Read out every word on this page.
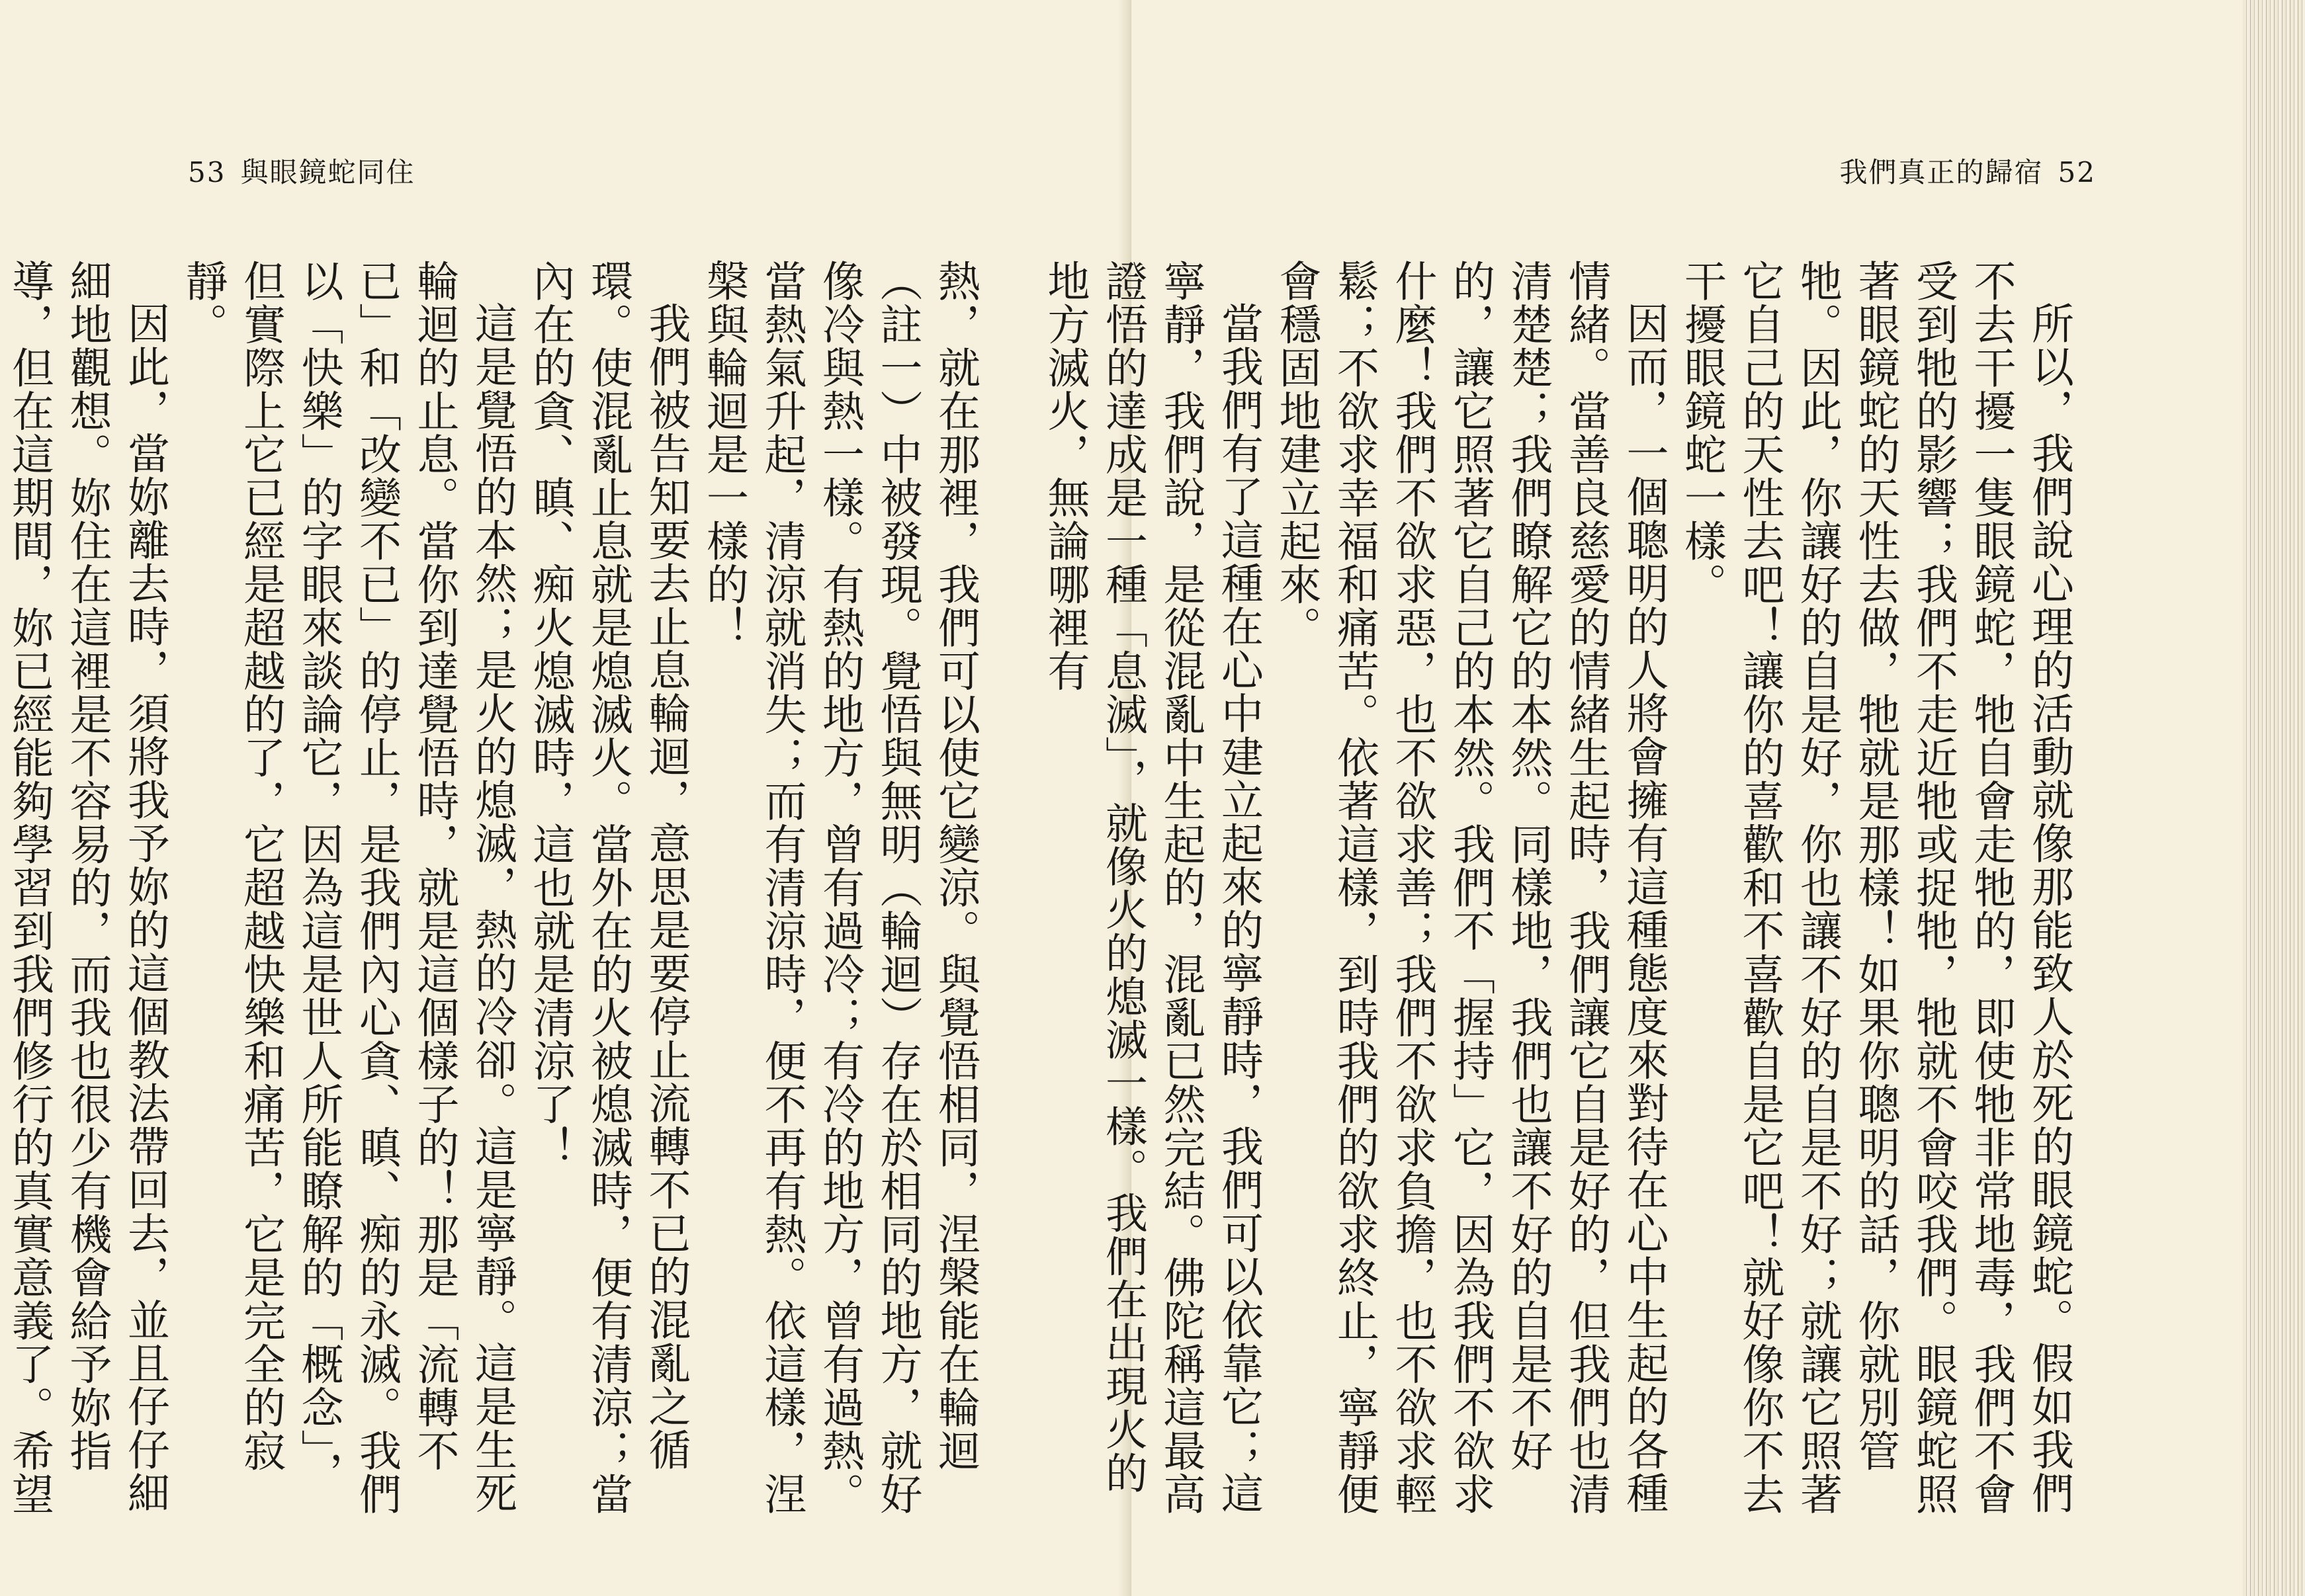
53 與眼鏡蛇同住

熱，就在那裡，我們可以使它變涼。與覺悟相同，涅槃能在輪迴（註一）中被發現。覺悟與無明（輪迴）存在於相同的地方，就好像冷與熱一樣。有熱的地方，曾有過冷；有冷的地方，曾有過熱。當熱氣升起，清涼就消失；而有清涼時，便不再有熱。依這樣，涅槃與輪迴是一樣的！

我們被告知要去止息輪迴，意思是要停止流轉不已的混亂之循環。使混亂止息就是熄滅火。當外在的火被熄滅時，便有清涼；當內在的貪、瞋、痴火熄滅時，這也就是清涼了！

這是覺悟的本然；是火的熄滅，熱的冷卻。這是寧靜。這是生死輪迴的止息。當你到達覺悟時，就是這個樣子的！那是「流轉不已」和「改變不已」的停止，是我們內心貪、瞋、痴的永滅。我們以「快樂」的字眼來談論它，因為這是世人所能瞭解的「概念」，但實際上它已經是超越的了，它超越快樂和痛苦，它是完全的寂靜。

因此，當妳離去時，須將我予妳的這個教法帶回去，並且仔仔細細地觀想。妳住在這裡是不容易的，而我也很少有機會給予妳指導，但在這期間，妳已經能夠學習到我們修行的真實意義了。希望

我們真正的歸宿 52

所以，我們說心理的活動就像那能致人於死的眼鏡蛇。假如我們不去干擾一隻眼鏡蛇，牠自會走牠的，即使牠非常地毒，我們不會受到牠的影響；我們不走近牠或捉牠，牠就不會咬我們。眼鏡蛇照著眼鏡蛇的天性去做，牠就是那樣！如果你聰明的話，你就別管牠。因此，你讓好的自是好，你也讓不好的自是不好；就讓它照著它自己的天性去吧！讓你的喜歡和不喜歡自是它吧！就好像你不去干擾眼鏡蛇一樣。

因而，一個聰明的人將會擁有這種態度來對待在心中生起的各種情緒。當善良慈愛的情緒生起時，我們讓它自是好的，但我們也清清楚楚；我們瞭解它的本然。同樣地，我們也讓不好的自是不好的，讓它照著它自己的本然。我們不「握持」它，因為我們不欲求什麼！我們不欲求惡，也不欲求善；我們不欲求負擔，也不欲求輕鬆；不欲求幸福和痛苦。依著這樣，到時我們的欲求終止，寧靜便會穩固地建立起來。

當我們有了這種在心中建立起來的寧靜時，我們可以依靠它；這寧靜，我們說，是從混亂中生起的，混亂已然完結。佛陀稱這最高證悟的達成是一種「息滅」，就像火的熄滅一樣。我們在出現火的地方滅火，無論哪裡有
